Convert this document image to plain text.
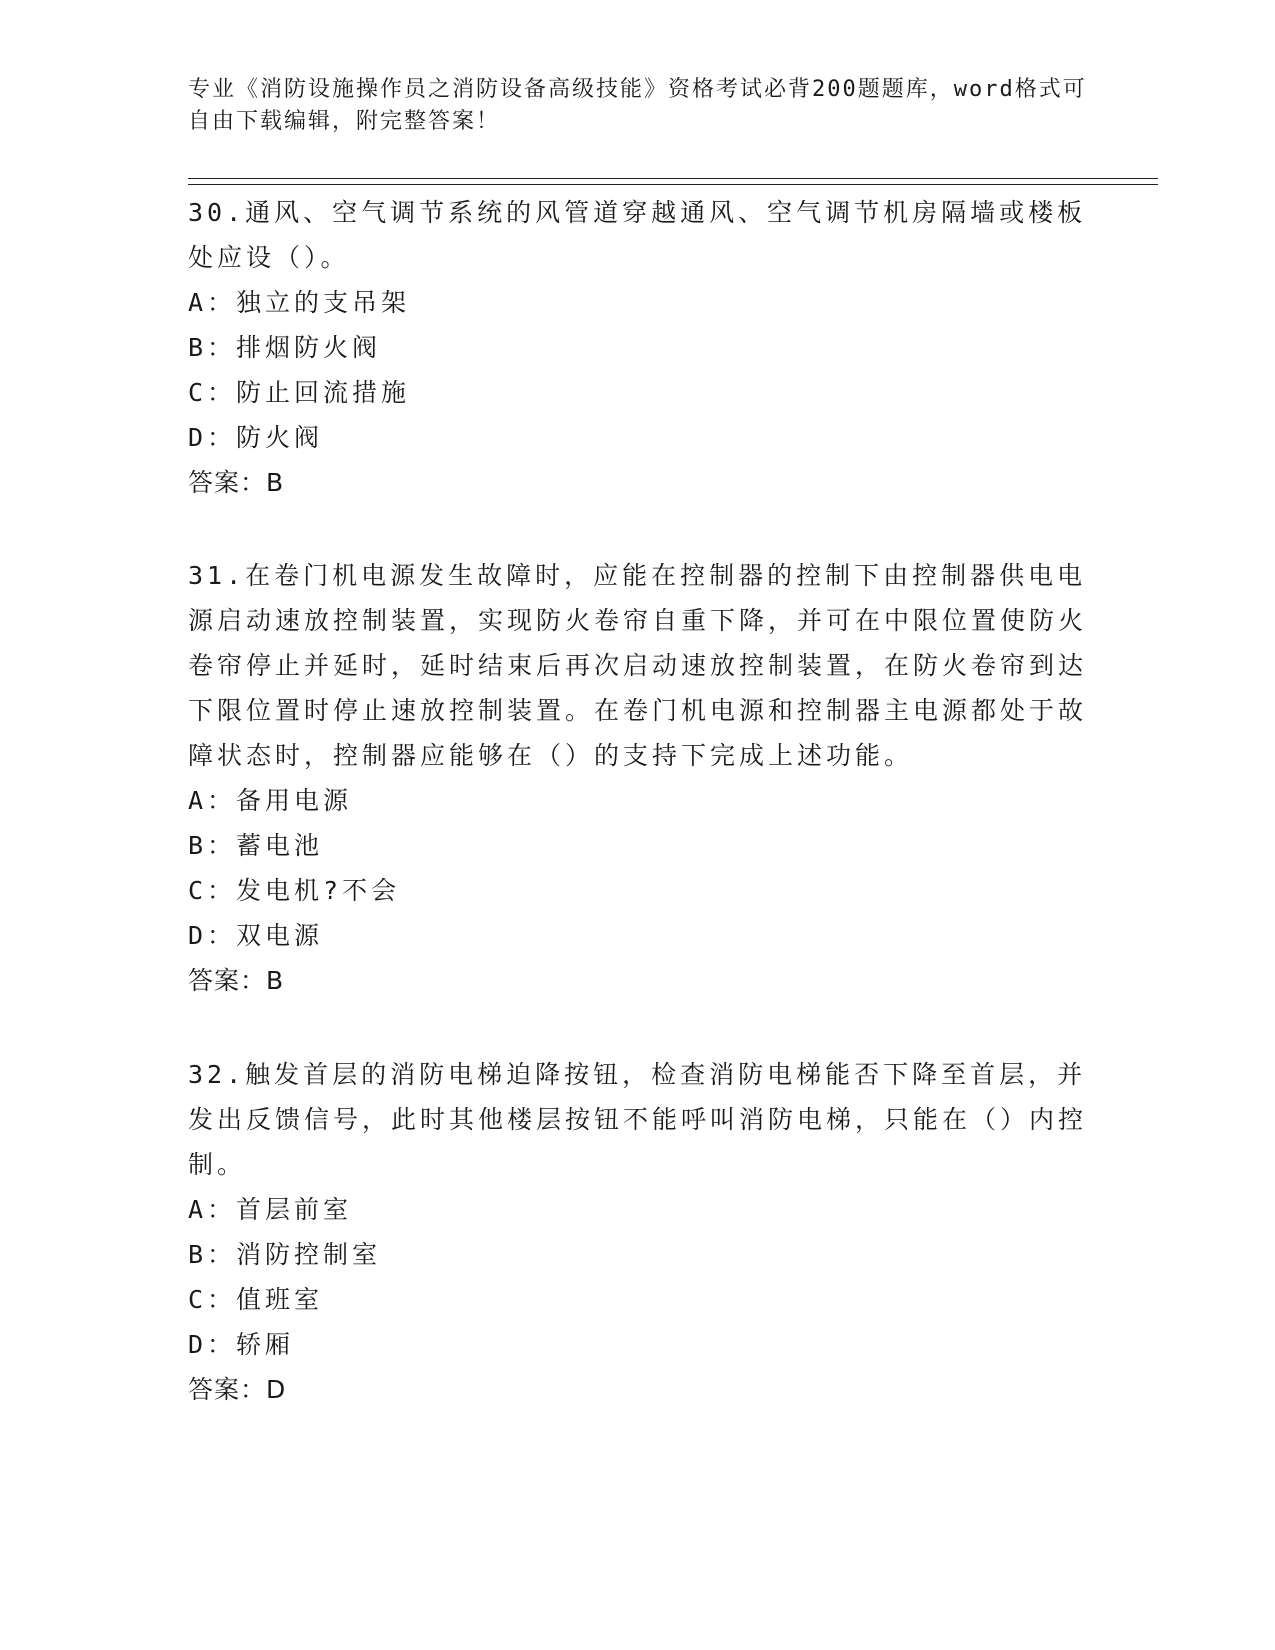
专业《消防设施操作员之消防设备高级技能》资格考试必背200题题库，word格式可自由下载编辑，附完整答案！

30.通风、空气调节系统的风管道穿越通风、空气调节机房隔墙或楼板处应设（）。

A：独立的支吊架

B：排烟防火阀

C：防止回流措施

D：防火阀

答案：B

31.在卷门机电源发生故障时，应能在控制器的控制下由控制器供电电源启动速放控制装置，实现防火卷帘自重下降，并可在中限位置使防火卷帘停止并延时，延时结束后再次启动速放控制装置，在防火卷帘到达下限位置时停止速放控制装置。在卷门机电源和控制器主电源都处于故障状态时，控制器应能够在（）的支持下完成上述功能。

A：备用电源

B：蓄电池

C：发电机?不会

D：双电源

答案：B

32.触发首层的消防电梯迫降按钮，检查消防电梯能否下降至首层，并发出反馈信号，此时其他楼层按钮不能呼叫消防电梯，只能在（）内控制。

A：首层前室

B：消防控制室

C：值班室

D：轿厢

答案：D
